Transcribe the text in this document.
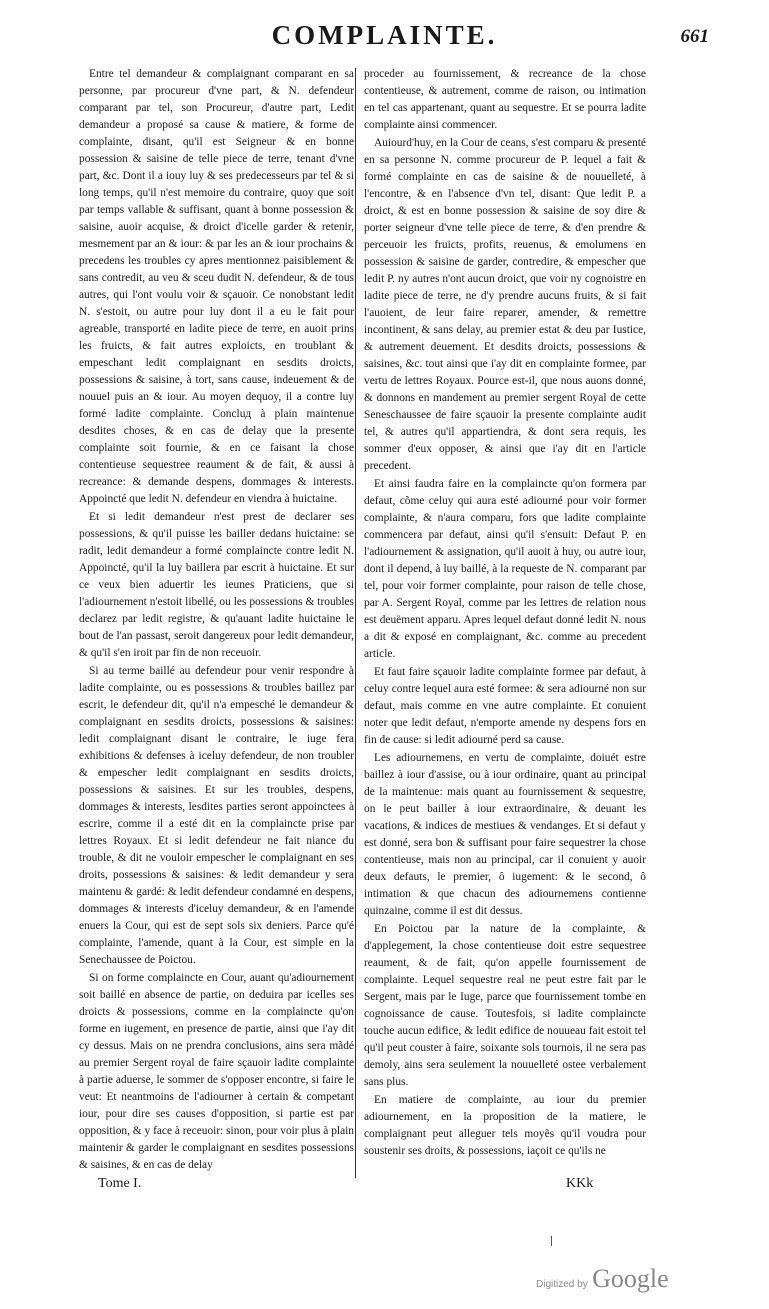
COMPLAINTE.	661

Entre tel demandeur & complaignant comparant en sa personne, par procureur d'vne part, & N. defendeur comparant par tel, son Procureur, d'autre part, Ledit demandeur a proposé sa cause & matiere, & forme de complainte, disant, qu'il est Seigneur & en bonne possession & saisine de telle piece de terre, tenant d'vne part, &c. Dont il a iouy luy & ses predecesseurs par tel & si long temps, qu'il n'est memoire du contraire, quoy que soit par temps vallable & suffisant, quant à bonne possession & saisine, auoir acquise, & droict d'icelle garder & retenir, mesmement par an & iour: & par les an & iour prochains & precedens les troubles cy apres mentionnez paisiblement & sans contredit, au veu & sceu dudit N. defendeur, & de tous autres, qui l'ont voulu voir & sçauoir. Ce nonobstant ledit N. s'estoit, ou autre pour luy dont il a eu le fait pour agreable, transporté en ladite piece de terre, en auoit prins les fruicts, & fait autres exploicts, en troublant & empeschant ledit complaignant en sesdits droicts, possessions & saisine, à tort, sans cause, indeuement & de nouuel puis an & iour. Au moyen dequoy, il a contre luy formé ladite complainte. Concluд à plain maintenue desdites choses, & en cas de delay que la presente complainte soit fournie, & en ce faisant la chose contentieuse sequestree reaument & de fait, & aussi à recreance: & demande despens, dommages & interests. Appoincté que ledit N. defendeur en viendra à huictaine.

Et si ledit demandeur n'est prest de declarer ses possessions, & qu'il puisse les bailler dedans huictaine: se radit, ledit demandeur a formé complaincte contre ledit N. Appoincté, qu'il la luy baillera par escrit à huictaine. Et sur ce veux bien aduertir les ieunes Praticiens, que si l'adiournement n'estoit libellé, ou les possessions & troubles declarez par ledit registre, & qu'auant ladite huictaine le bout de l'an passast, seroit dangereux pour ledit demandeur, & qu'il s'en iroit par fin de non receuoir.

Si au terme baillé au defendeur pour venir respondre à ladite complainte, ou es possessions & troubles baillez par escrit, le defendeur dit, qu'il n'a empesché le demandeur & complaignant en sesdits droicts, possessions & saisines: ledit complaignant disant le contraire, le iuge fera exhibitions & defenses à iceluy defendeur, de non troubler & empescher ledit complaignant en sesdits droicts, possessions & saisines. Et sur les troubles, despens, dommages & interests, lesdites parties seront appoinctees à escrire, comme il a esté dit en la complaincte prise par lettres Royaux. Et si ledit defendeur ne fait niance du trouble, & dit ne vouloir empescher le complaignant en ses droits, possessions & saisines: & ledit demandeur y sera maintenu & gardé: & ledit defendeur condamné en despens, dommages & interests d'iceluy demandeur, & en l'amende enuers la Cour, qui est de sept sols six deniers. Parce qu'é complainte, l'amende, quant à la Cour, est simple en la Senechaussee de Poictou.

Si on forme complaincte en Cour, auant qu'adiournement soit baillé en absence de partie, on deduira par icelles ses droicts & possessions, comme en la complaincte qu'on forme en iugement, en presence de partie, ainsi que i'ay dit cy dessus. Mais on ne prendra conclusions, ains sera mãdé au premier Sergent royal de faire sçauoir ladite complainte à partie aduerse, le sommer de s'opposer encontre, si faire le veut: Et neantmoins de l'adiourner à certain & competant iour, pour dire ses causes d'opposition, si partie est par opposition, & y face à receuoir: sinon, pour voir plus à plain maintenir & garder le complaignant en sesdites possessions & saisines, & en cas de delay

proceder au fournissement, & recreance de la chose contentieuse, & autrement, comme de raison, ou intimation en tel cas appartenant, quant au sequestre. Et se pourra ladite complainte ainsi commencer.

Auiourd'huy, en la Cour de ceans, s'est comparu & presenté en sa personne N. comme procureur de P. lequel a fait & formé complainte en cas de saisine & de nouuelleté, à l'encontre, & en l'absence d'vn tel, disant: Que ledit P. a droict, & est en bonne possession & saisine de soy dire & porter seigneur d'vne telle piece de terre, & d'en prendre & perceuoir les fruicts, profits, reuenus, & emolumens en possession & saisine de garder, contredire, & empescher que ledit P. ny autres n'ont aucun droict, que voir ny cognoistre en ladite piece de terre, ne d'y prendre aucuns fruits, & si fait l'auoient, de leur faire reparer, amender, & remettre incontinent, & sans delay, au premier estat & deu par Iustice, & autrement deuement. Et desdits droicts, possessions & saisines, &c. tout ainsi que i'ay dit en complainte formee, par vertu de lettres Royaux. Pource est-il, que nous auons donné, & donnons en mandement au premier sergent Royal de cette Seneschaussee de faire sçauoir la presente complainte audit tel, & autres qu'il appartiendra, & dont sera requis, les sommer d'eux opposer, & ainsi que i'ay dit en l'article precedent.

Et ainsi faudra faire en la complaincte qu'on formera par defaut, cõme celuy qui aura esté adiourné pour voir former complainte, & n'aura comparu, fors que ladite complainte commencera par defaut, ainsi qu'il s'ensuit: Defaut P. en l'adiournement & assignation, qu'il auoit à huy, ou autre iour, dont il depend, à luy baillé, à la requeste de N. comparant par tel, pour voir former complainte, pour raison de telle chose, par A. Sergent Royal, comme par les lettres de relation nous est deuëment apparu. Apres lequel defaut donné ledit N. nous a dit & exposé en complaignant, &c. comme au precedent article.

Et faut faire sçauoir ladite complainte formee par defaut, à celuy contre lequel aura esté formee: & sera adiourné non sur defaut, mais comme en vne autre complainte. Et conuient noter que ledit defaut, n'emporte amende ny despens fors en fin de cause: si ledit adiourné perd sa cause.

Les adiournemens, en vertu de complainte, doiuét estre baillez à iour d'assise, ou à iour ordinaire, quant au principal de la maintenue: mais quant au fournissement & sequestre, on le peut bailler à iour extraordinaire, & deuant les vacations, & indices de mestiues & vendanges. Et si defaut y est donné, sera bon & suffisant pour faire sequestrer la chose contentieuse, mais non au principal, car il conuient y auoir deux defauts, le premier, ô iugement: & le second, ô intimation & que chacun des adiournemens contienne quinzaine, comme il est dit dessus.

En Poictou par la nature de la complainte, & d'applegement, la chose contentieuse doit estre sequestree reaument, & de fait, qu'on appelle fournissement de complainte. Lequel sequestre real ne peut estre fait par le Sergent, mais par le Iuge, parce que fournissement tombe en cognoissance de cause. Toutesfois, si ladite complaincte touche aucun edifice, & ledit edifice de nouueau fait estoit tel qu'il peut couster à faire, soixante sols tournois, il ne sera pas demoly, ains sera seulement la nouuelleté ostee verbalement sans plus.

En matiere de complainte, au iour du premier adiournement, en la proposition de la matiere, le complaignant peut alleguer tels moyẽs qu'il voudra pour soustenir ses droits, & possessions, iaçoit ce qu'ils ne

Tome I.	KKk
Digitized by Google
